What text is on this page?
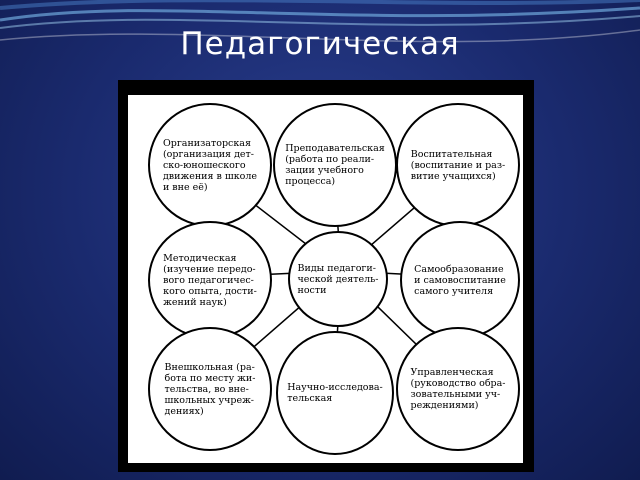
Педагогическая
Организаторская
(организация дет-
ско-юношеского
движения в школе
и вне её)
Преподавательская
(работа по реали-
зации учебного
процесса)
Воспитательная
(воспитание и раз-
витие учащихся)
Методическая
(изучение передо-
вого педагогичес-
кого опыта, дости-
жений наук)
Виды педагоги-
ческой деятель-
ности
Самообразование
и самовоспитание
самого учителя
Внешкольная (ра-
бота по месту жи-
тельства, во вне-
школьных учреж-
дениях)
Научно-исследова-
тельская
Управленческая
(руководство обра-
зовательными уч-
реждениями)
